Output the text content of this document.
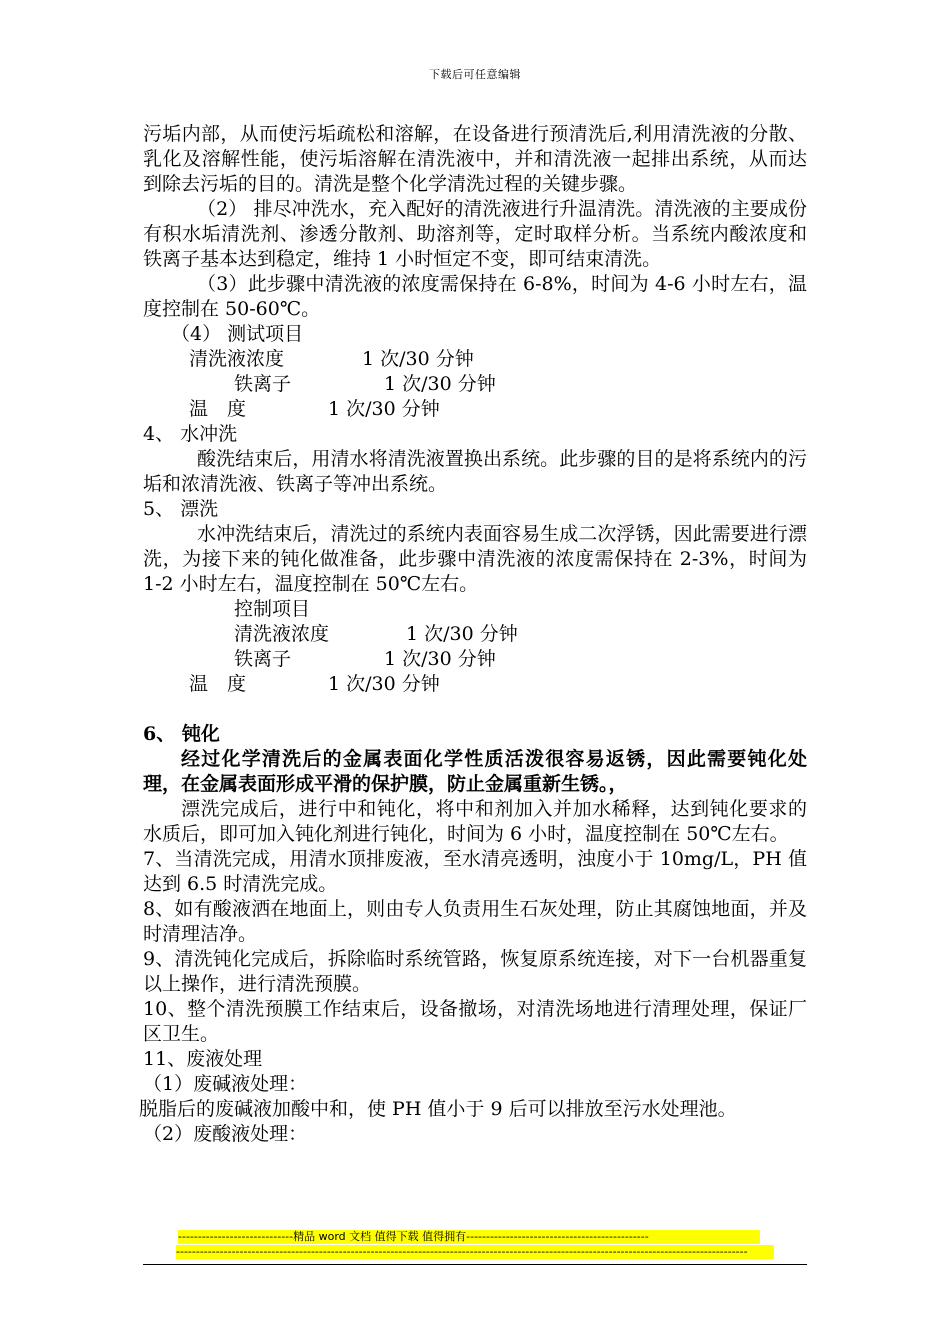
下载后可任意编辑

污垢内部，从而使污垢疏松和溶解，在设备进行预清洗后,利用清洗液的分散、乳化及溶解性能，使污垢溶解在清洗液中，并和清洗液一起排出系统，从而达到除去污垢的目的。清洗是整个化学清洗过程的关键步骤。

（2） 排尽冲洗水，充入配好的清洗液进行升温清洗。清洗液的主要成份有积水垢清洗剂、渗透分散剂、助溶剂等，定时取样分析。当系统内酸浓度和铁离子基本达到稳定，维持 1 小时恒定不变，即可结束清洗。

（3）此步骤中清洗液的浓度需保持在 6-8%，时间为 4-6 小时左右，温度控制在 50-60℃。

（4） 测试项目

清洗液浓度	1 次/30 分钟
铁离子	1 次/30 分钟
温　度	1 次/30 分钟

4、 水冲洗

酸洗结束后，用清水将清洗液置换出系统。此步骤的目的是将系统内的污垢和浓清洗液、铁离子等冲出系统。

5、 漂洗

水冲洗结束后，清洗过的系统内表面容易生成二次浮锈，因此需要进行漂洗，为接下来的钝化做准备，此步骤中清洗液的浓度需保持在 2-3%，时间为 1-2 小时左右，温度控制在 50℃左右。

控制项目
清洗液浓度	1 次/30 分钟
铁离子	1 次/30 分钟
温　度	1 次/30 分钟

6、 钝化

经过化学清洗后的金属表面化学性质活泼很容易返锈，因此需要钝化处理，在金属表面形成平滑的保护膜，防止金属重新生锈。，

漂洗完成后，进行中和钝化，将中和剂加入并加水稀释，达到钝化要求的水质后，即可加入钝化剂进行钝化，时间为 6 小时，温度控制在 50℃左右。

7、当清洗完成，用清水顶排废液，至水清亮透明，浊度小于 10mg/L，PH 值达到 6.5 时清洗完成。

8、如有酸液洒在地面上，则由专人负责用生石灰处理，防止其腐蚀地面，并及时清理洁净。

9、清洗钝化完成后，拆除临时系统管路，恢复原系统连接，对下一台机器重复以上操作，进行清洗预膜。

10、整个清洗预膜工作结束后，设备撤场，对清洗场地进行清理处理，保证厂区卫生。

11、废液处理

（1）废碱液处理：

脱脂后的废碱液加酸中和，使 PH 值小于 9 后可以排放至污水处理池。

（2）废酸液处理：

-----------------------------精品 word 文档 值得下载 值得拥有----------------------------------------------
------------------------------------------------------------------------------------------------------------------------------------------------
